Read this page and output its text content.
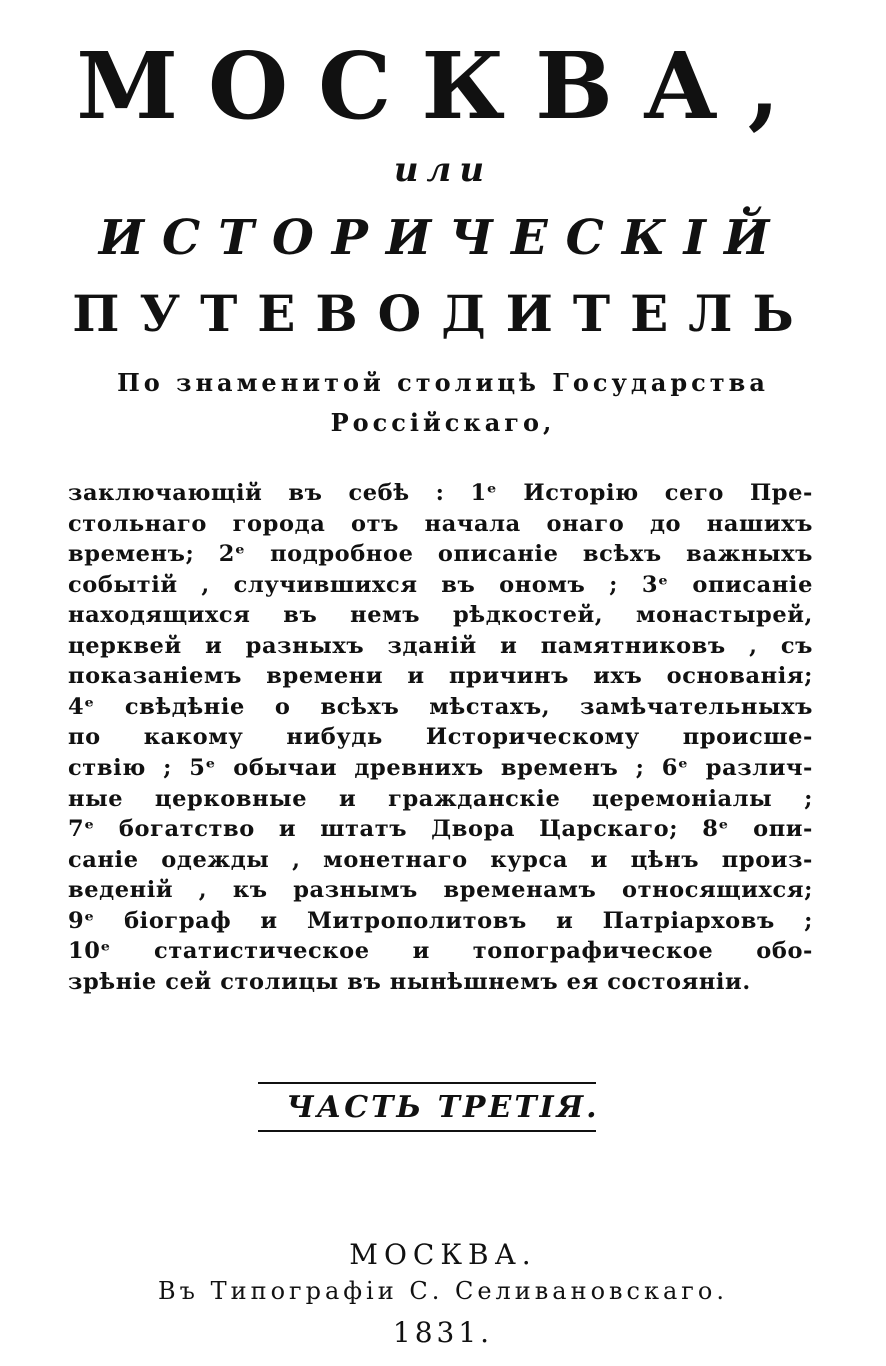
МОСКВА,
или
ИСТОРИЧЕСКIЙ
ПУТЕВОДИТЕЛЬ
По знаменитой столицѣ Государства
Россiйскаго,
заключающiй въ себѣ : 1ᵉ Исторiю сего Пре-
стольнаго города отъ начала онаго до нашихъ
временъ; 2ᵉ подробное описанiе всѣхъ важныхъ
событiй , случившихся въ ономъ ; 3ᵉ описанiе
находящихся въ немъ рѣдкостей, монастырей,
церквей и разныхъ зданiй и памятниковъ , съ
показанiемъ времени и причинъ ихъ основанiя;
4ᵉ свѣдѣнiе о всѣхъ мѣстахъ, замѣчательныхъ
по какому нибудь Историческому происше-
ствiю ; 5ᵉ обычаи древнихъ временъ ; 6ᵉ различ-
ные церковные и гражданскiе церемонiалы ;
7ᵉ богатство и штатъ Двора Царскаго; 8ᵉ опи-
санiе одежды , монетнаго курса и цѣнъ произ-
веденiй , къ разнымъ временамъ относящихся;
9ᵉ бiограф и Митрополитовъ и Патрiарховъ ;
10ᵉ статистическое и топографическое обо-
зрѣнiе сей столицы въ нынѣшнемъ ея состоянiи.
ЧАСТЬ ТРЕТIЯ.
МОСКВА.
Въ Типографiи С. Селивановскаго.
1831.
